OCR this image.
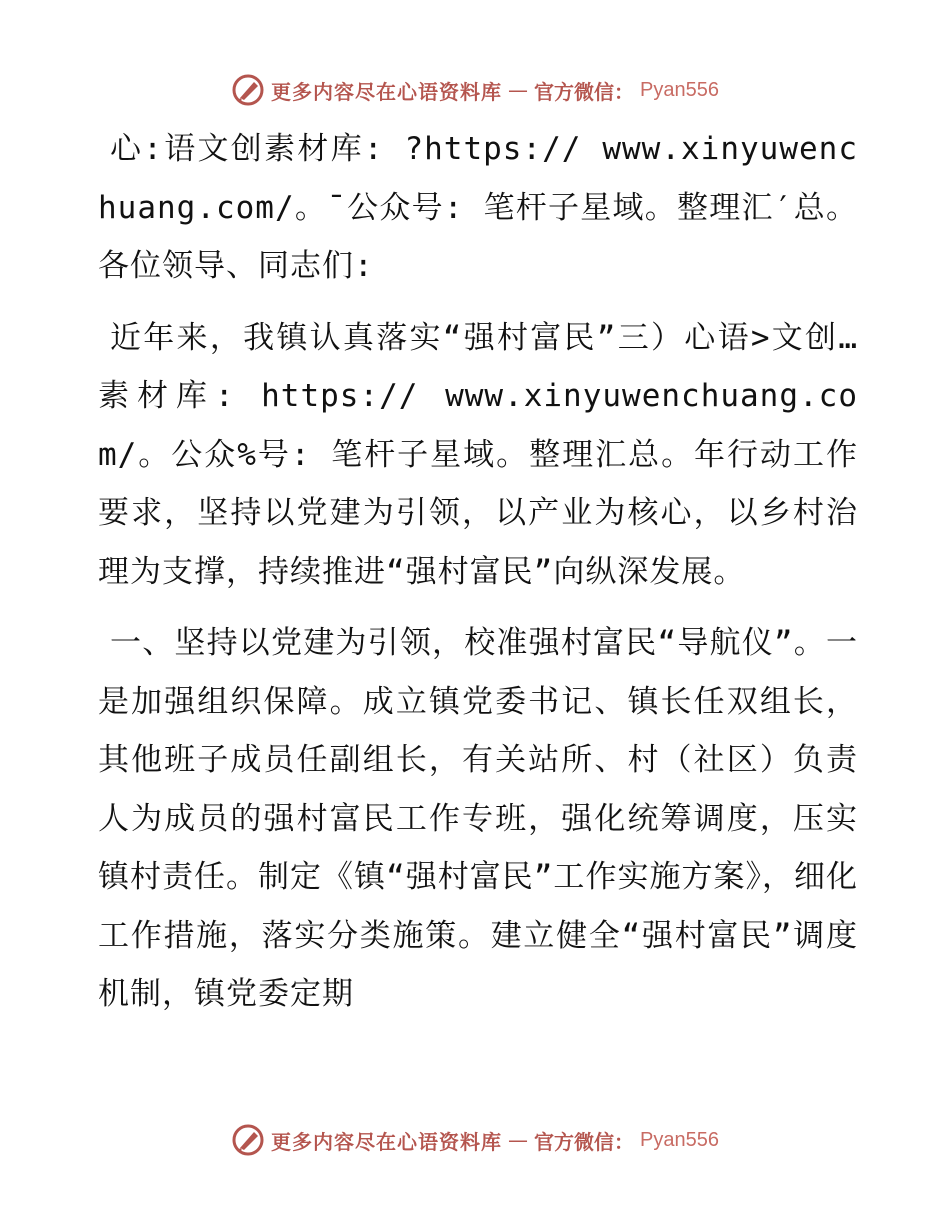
更多内容尽在心语资料库 — 官方微信： Pyan556

心:语文创素材库: ?https:// www.xinyuwenchuang.com/。¯公众号: 笔杆子星域。整理汇′总。各位领导、同志们:

近年来，我镇认真落实“强村富民”三）心语>文创…素材库: https:// www.xinyuwenchuang.com/。公众%号: 笔杆子星域。整理汇总。年行动工作要求，坚持以党建为引领，以产业为核心，以乡村治理为支撑，持续推进“强村富民”向纵深发展。

一、坚持以党建为引领，校准强村富民“导航仪”。一是加强组织保障。成立镇党委书记、镇长任双组长，其他班子成员任副组长，有关站所、村（社区）负责人为成员的强村富民工作专班，强化统筹调度，压实镇村责任。制定《镇“强村富民”工作实施方案》，细化工作措施，落实分类施策。建立健全“强村富民”调度机制，镇党委定期

更多内容尽在心语资料库 — 官方微信： Pyan556
